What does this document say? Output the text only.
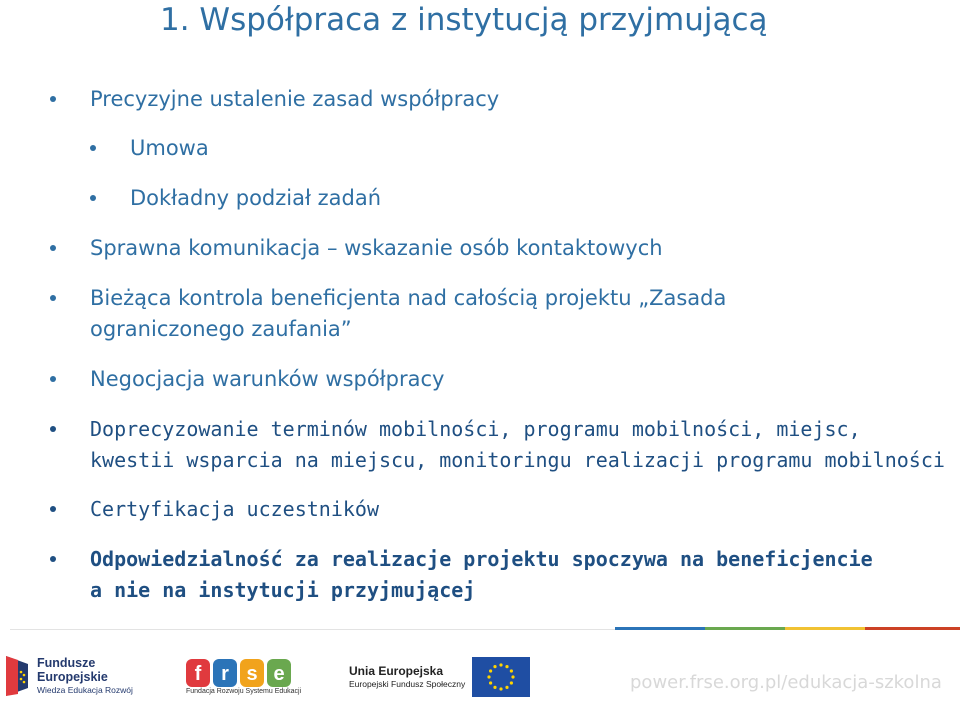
1. Współpraca z instytucją przyjmującą
Precyzyjne ustalenie zasad współpracy
Umowa
Dokładny podział zadań
Sprawna komunikacja – wskazanie osób kontaktowych
Bieżąca kontrola beneficjenta nad całością projektu „Zasada
ograniczonego zaufania”
Negocjacja warunków współpracy
Doprecyzowanie terminów mobilności, programu mobilności, miejsc,
kwestii wsparcia na miejscu, monitoringu realizacji programu mobilności
Certyfikacja uczestników
Odpowiedzialność za realizacje projektu spoczywa na beneficjencie
a nie na instytucji przyjmującej
Fundusze
Europejskie
Wiedza Edukacja Rozwój
f r s e
Fundacja Rozwoju Systemu Edukacji
Unia Europejska
Europejski Fundusz Społeczny	power.frse.org.pl/edukacja-szkolna
